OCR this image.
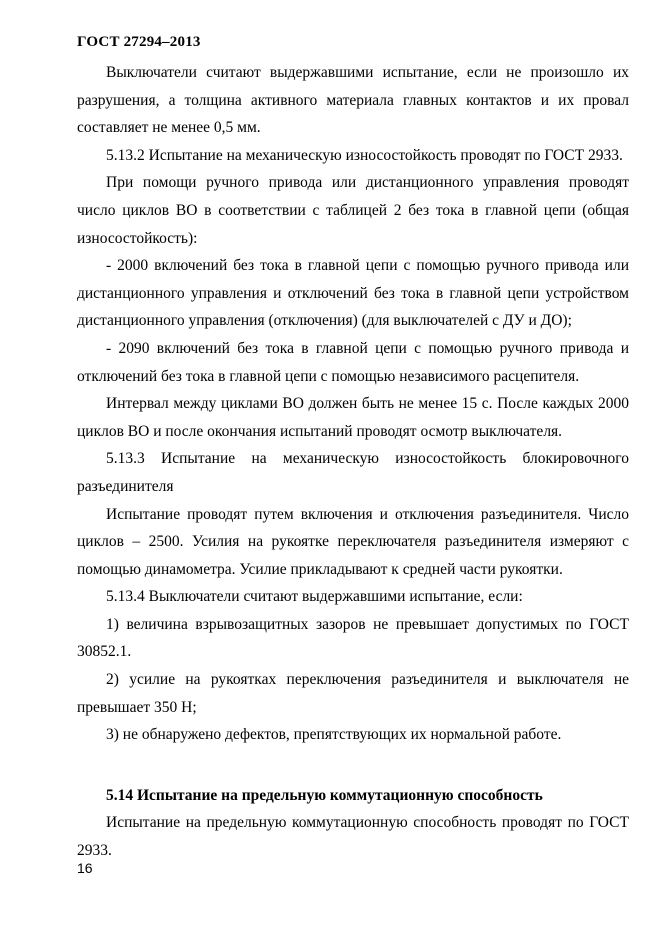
ГОСТ 27294–2013

Выключатели считают выдержавшими испытание, если не произошло их разрушения, а толщина активного материала главных контактов и их провал составляет не менее 0,5 мм.

5.13.2 Испытание на механическую износостойкость проводят по ГОСТ 2933.

При помощи ручного привода или дистанционного управления проводят число циклов ВО в соответствии с таблицей 2 без тока в главной цепи (общая износостойкость):

- 2000 включений без тока в главной цепи с помощью ручного привода или дистанционного управления и отключений без тока в главной цепи устройством дистанционного управления (отключения) (для выключателей с ДУ и ДО);

- 2090 включений без тока в главной цепи с помощью ручного привода и отключений без тока в главной цепи с помощью независимого расцепителя.

Интервал между циклами ВО должен быть не менее 15 с. После каждых 2000 циклов ВО и после окончания испытаний проводят осмотр выключателя.

5.13.3 Испытание на механическую износостойкость блокировочного разъединителя

Испытание проводят путем включения и отключения разъединителя. Число циклов – 2500. Усилия на рукоятке переключателя разъединителя измеряют с помощью динамометра. Усилие прикладывают к средней части рукоятки.

5.13.4 Выключатели считают выдержавшими испытание, если:

1) величина взрывозащитных зазоров не превышает допустимых по ГОСТ 30852.1.

2) усилие на рукоятках переключения разъединителя и выключателя не превышает 350 Н;

3) не обнаружено дефектов, препятствующих их нормальной работе.

5.14 Испытание на предельную коммутационную способность

Испытание на предельную коммутационную способность проводят по ГОСТ 2933.

16
